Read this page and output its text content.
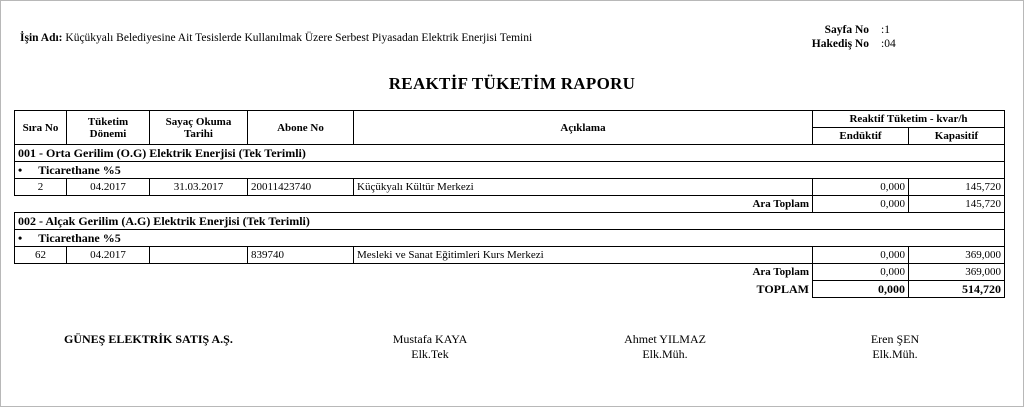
İşin Adı: Küçükyalı Belediyesine Ait Tesislerde Kullanılmak Üzere Serbest Piyasadan Elektrik Enerjisi Temini
Sayfa No :1
Hakediş No :04
REAKTİF TÜKETİM RAPORU
Sıra No	Tüketim Dönemi	Sayaç Okuma Tarihi	Abone No	Açıklama	Reaktif Tüketim - kvar/h	
					Endüktif	Kapasitif
001 - Orta Gerilim (O.G) Elektrik Enerjisi (Tek Terimli)						
• Ticarethane %5						
2	04.2017	31.03.2017	20011423740	Küçükyalı Kültür Merkezi	0,000	145,720
Ara Toplam					0,000	145,720
002 - Alçak Gerilim (A.G) Elektrik Enerjisi (Tek Terimli)						
• Ticarethane %5						
62	04.2017		839740	Mesleki ve Sanat Eğitimleri Kurs Merkezi	0,000	369,000
Ara Toplam					0,000	369,000
TOPLAM					0,000	514,720
GÜNEŞ ELEKTRİK SATIŞ A.Ş.	Mustafa KAYA
Elk.Tek
Ahmet YILMAZ
Elk.Müh.
Eren ŞEN
Elk.Müh.
